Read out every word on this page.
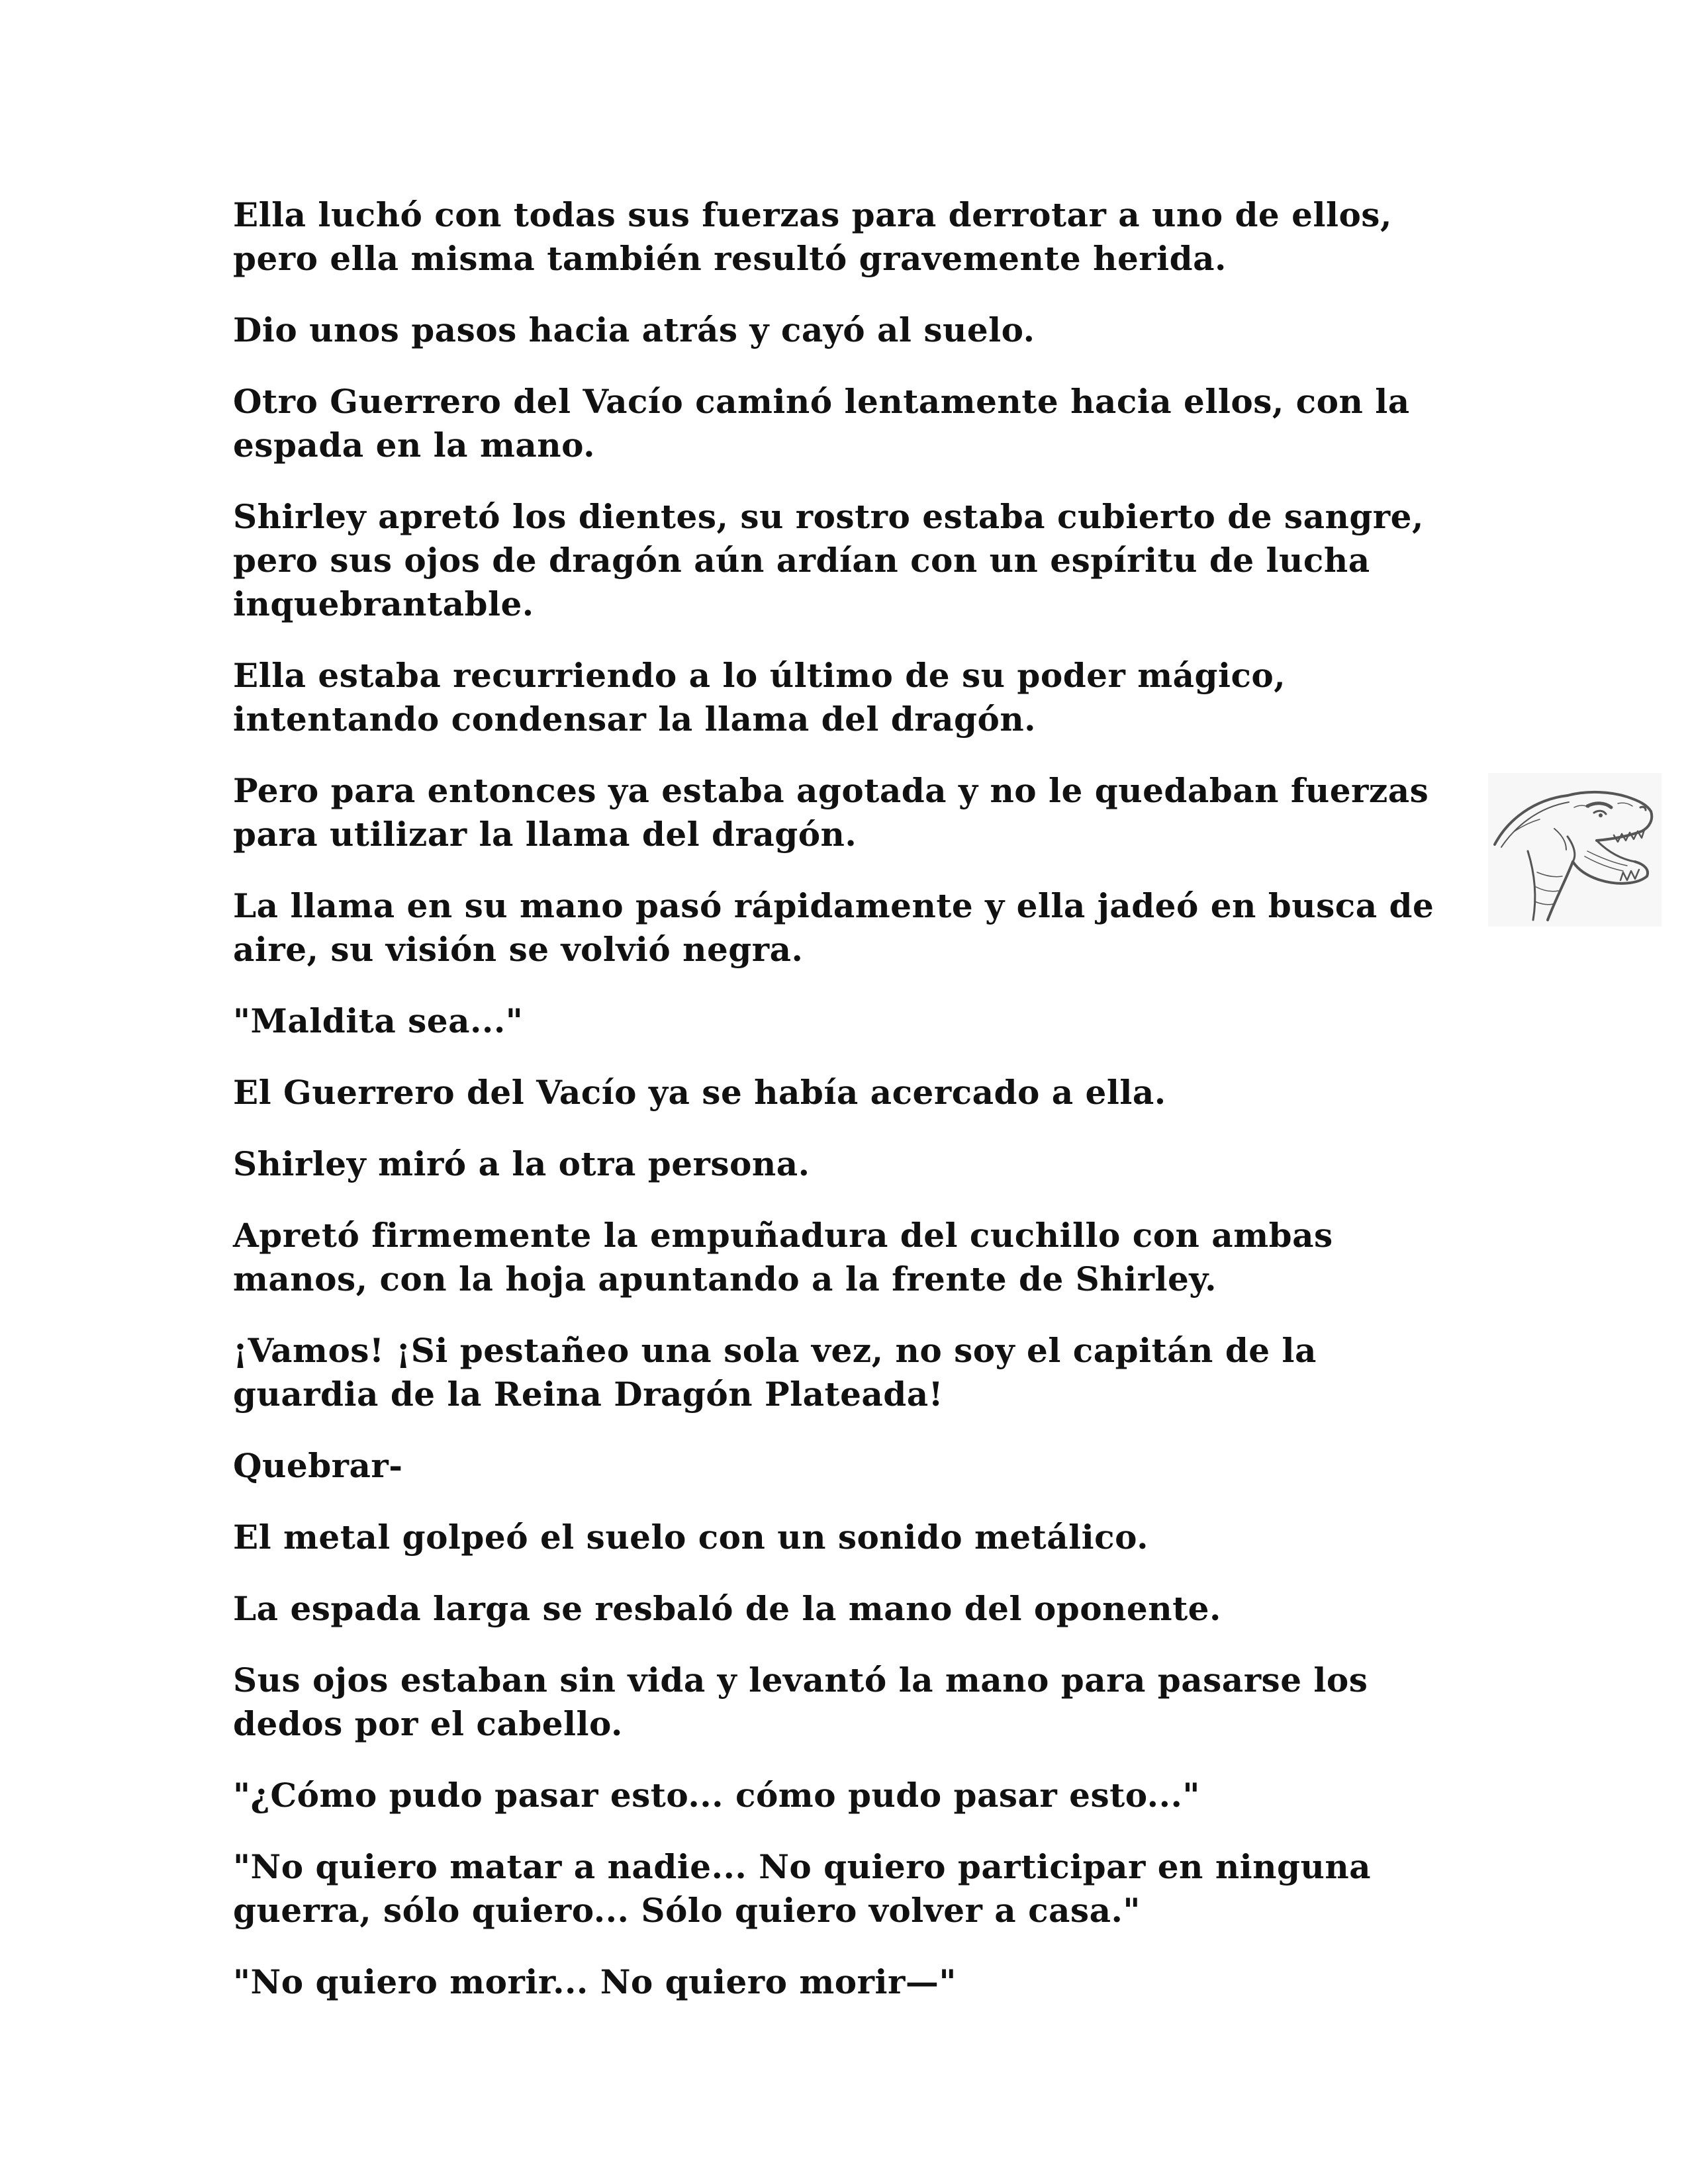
Ella luchó con todas sus fuerzas para derrotar a uno de ellos,
pero ella misma también resultó gravemente herida.

Dio unos pasos hacia atrás y cayó al suelo.

Otro Guerrero del Vacío caminó lentamente hacia ellos, con la
espada en la mano.

Shirley apretó los dientes, su rostro estaba cubierto de sangre,
pero sus ojos de dragón aún ardían con un espíritu de lucha
inquebrantable.

Ella estaba recurriendo a lo último de su poder mágico,
intentando condensar la llama del dragón.

Pero para entonces ya estaba agotada y no le quedaban fuerzas
para utilizar la llama del dragón.

La llama en su mano pasó rápidamente y ella jadeó en busca de
aire, su visión se volvió negra.

"Maldita sea..."

El Guerrero del Vacío ya se había acercado a ella.

Shirley miró a la otra persona.

Apretó firmemente la empuñadura del cuchillo con ambas
manos, con la hoja apuntando a la frente de Shirley.

¡Vamos! ¡Si pestañeo una sola vez, no soy el capitán de la
guardia de la Reina Dragón Plateada!

Quebrar-

El metal golpeó el suelo con un sonido metálico.

La espada larga se resbaló de la mano del oponente.

Sus ojos estaban sin vida y levantó la mano para pasarse los
dedos por el cabello.

"¿Cómo pudo pasar esto... cómo pudo pasar esto..."

"No quiero matar a nadie... No quiero participar en ninguna
guerra, sólo quiero... Sólo quiero volver a casa."

"No quiero morir... No quiero morir—"
